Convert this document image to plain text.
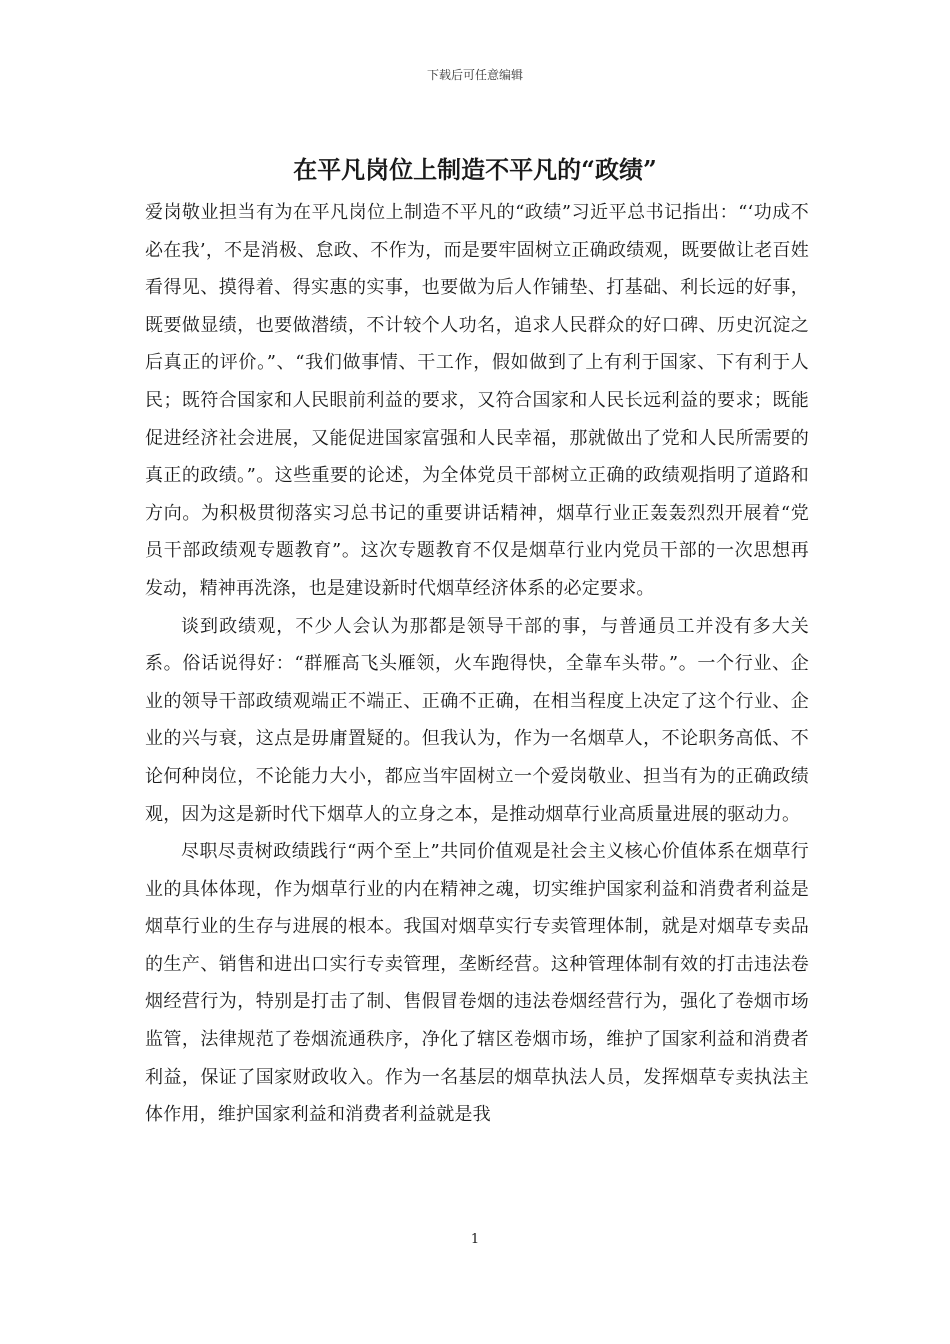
下载后可任意编辑
在平凡岗位上制造不平凡的“政绩”

爱岗敬业担当有为在平凡岗位上制造不平凡的“政绩”习近平总书记指出：“‘功成不必在我’，不是消极、怠政、不作为，而是要牢固树立正确政绩观，既要做让老百姓看得见、摸得着、得实惠的实事，也要做为后人作铺垫、打基础、利长远的好事，既要做显绩，也要做潜绩，不计较个人功名，追求人民群众的好口碑、历史沉淀之后真正的评价。”、“我们做事情、干工作，假如做到了上有利于国家、下有利于人民；既符合国家和人民眼前利益的要求，又符合国家和人民长远利益的要求；既能促进经济社会进展，又能促进国家富强和人民幸福，那就做出了党和人民所需要的真正的政绩。”。这些重要的论述，为全体党员干部树立正确的政绩观指明了道路和方向。为积极贯彻落实习总书记的重要讲话精神，烟草行业正轰轰烈烈开展着“党员干部政绩观专题教育”。这次专题教育不仅是烟草行业内党员干部的一次思想再发动，精神再洗涤，也是建设新时代烟草经济体系的必定要求。

谈到政绩观，不少人会认为那都是领导干部的事，与普通员工并没有多大关系。俗话说得好：“群雁高飞头雁领，火车跑得快，全靠车头带。”。一个行业、企业的领导干部政绩观端正不端正、正确不正确，在相当程度上决定了这个行业、企业的兴与衰，这点是毋庸置疑的。但我认为，作为一名烟草人，不论职务高低、不论何种岗位，不论能力大小，都应当牢固树立一个爱岗敬业、担当有为的正确政绩观，因为这是新时代下烟草人的立身之本，是推动烟草行业高质量进展的驱动力。

尽职尽责树政绩践行“两个至上”共同价值观是社会主义核心价值体系在烟草行业的具体体现，作为烟草行业的内在精神之魂，切实维护国家利益和消费者利益是烟草行业的生存与进展的根本。我国对烟草实行专卖管理体制，就是对烟草专卖品的生产、销售和进出口实行专卖管理，垄断经营。这种管理体制有效的打击违法卷烟经营行为，特别是打击了制、售假冒卷烟的违法卷烟经营行为，强化了卷烟市场监管，法律规范了卷烟流通秩序，净化了辖区卷烟市场，维护了国家利益和消费者利益，保证了国家财政收入。作为一名基层的烟草执法人员，发挥烟草专卖执法主体作用，维护国家利益和消费者利益就是我

1
